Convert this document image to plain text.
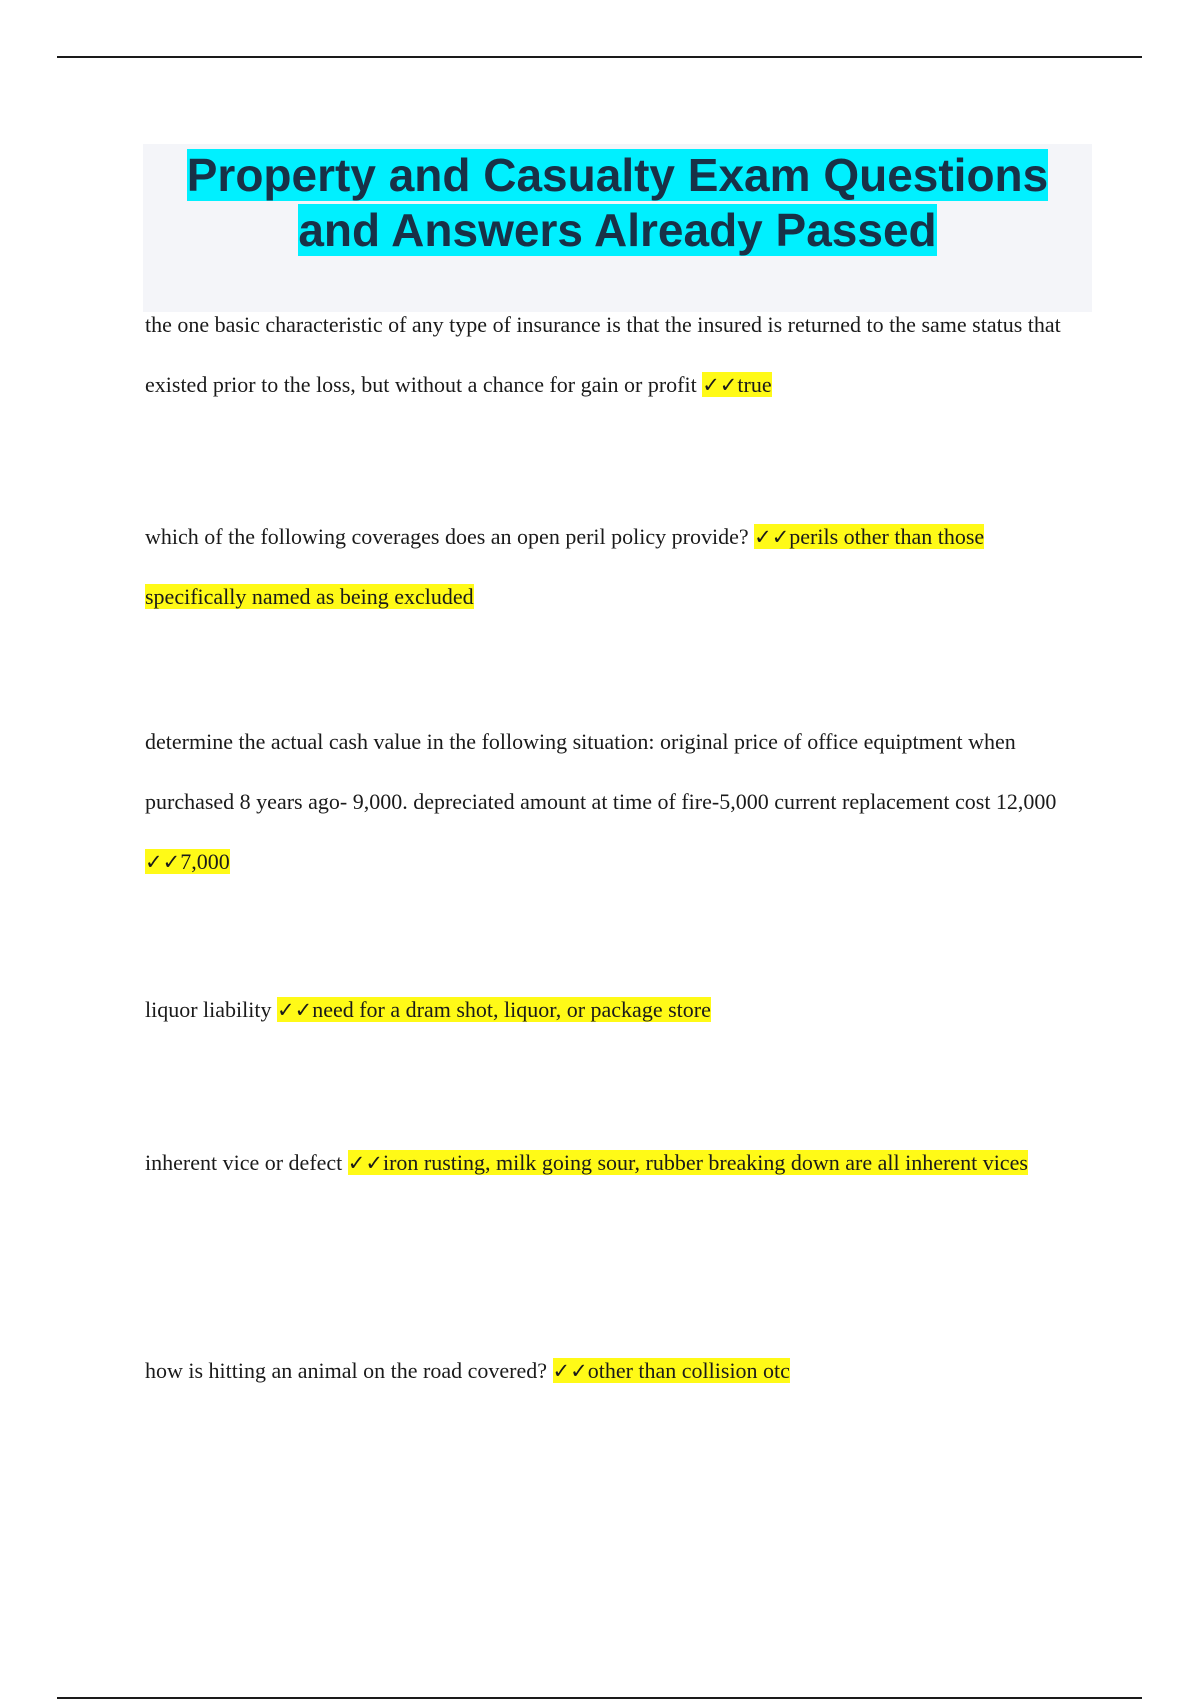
Property and Casualty Exam Questions
and Answers Already Passed
the one basic characteristic of any type of insurance is that the insured is returned to the same status that existed prior to the loss, but without a chance for gain or profit ✓✓true
which of the following coverages does an open peril policy provide? ✓✓perils other than those specifically named as being excluded
determine the actual cash value in the following situation: original price of office equiptment when purchased 8 years ago- 9,000. depreciated amount at time of fire-5,000 current replacement cost 12,000 ✓✓7,000
liquor liability ✓✓need for a dram shot, liquor, or package store
inherent vice or defect ✓✓iron rusting, milk going sour, rubber breaking down are all inherent vices
how is hitting an animal on the road covered? ✓✓other than collision otc
